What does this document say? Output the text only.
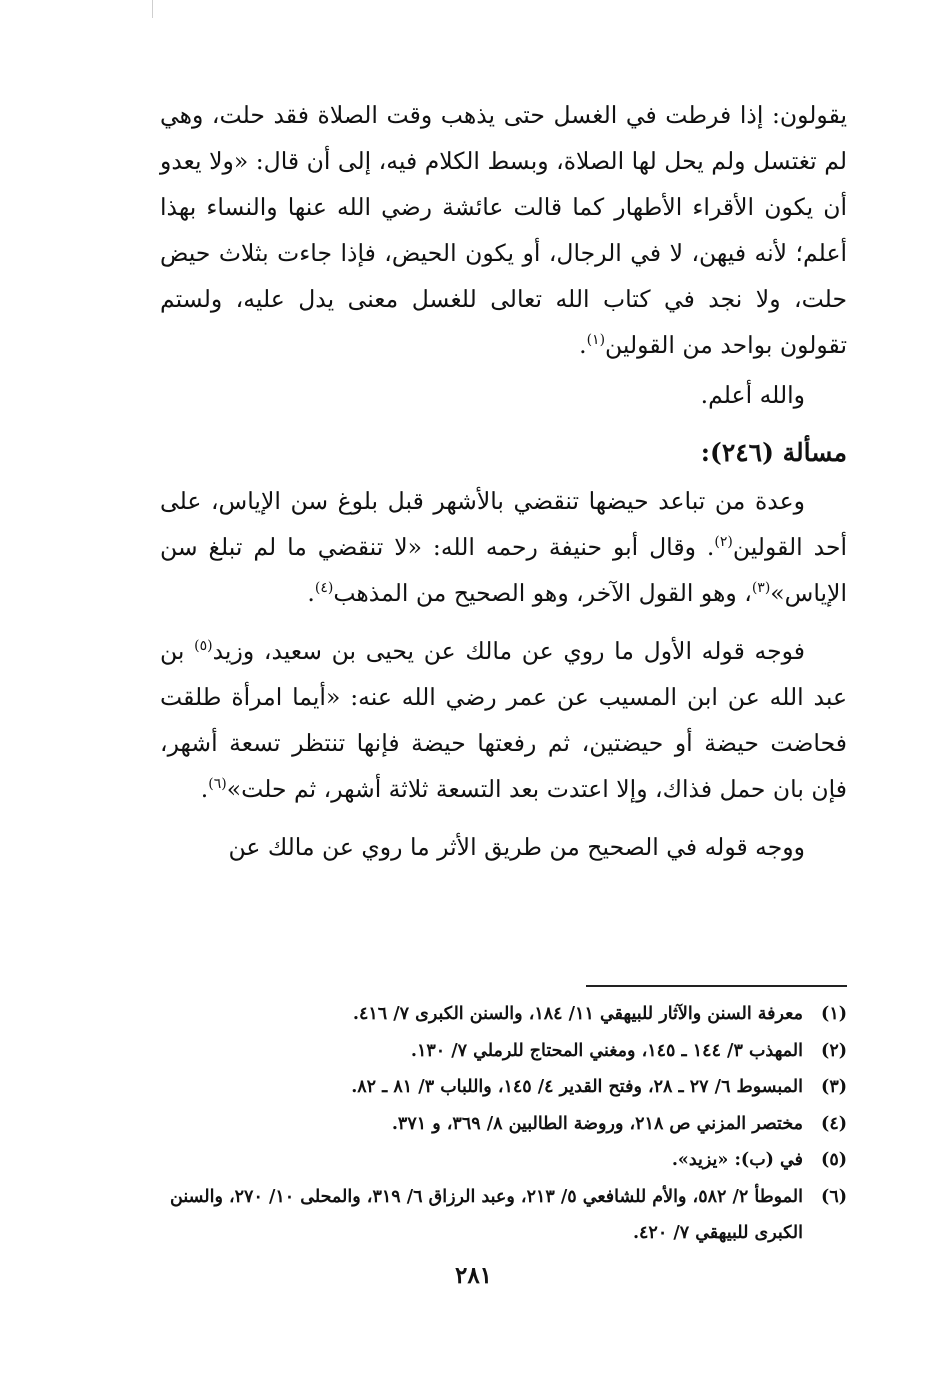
يقولون: إذا فرطت في الغسل حتى يذهب وقت الصلاة فقد حلت، وهي لم تغتسل ولم يحل لها الصلاة، وبسط الكلام فيه، إلى أن قال: «ولا يعدو أن يكون الأقراء الأطهار كما قالت عائشة رضي الله عنها والنساء بهذا أعلم؛ لأنه فيهن، لا في الرجال، أو يكون الحيض، فإذا جاءت بثلاث حيض حلت، ولا نجد في كتاب الله تعالى للغسل معنى يدل عليه، ولستم تقولون بواحد من القولين$^{(١)}$.

والله أعلم.

مسألة (٢٤٦):

وعدة من تباعد حيضها تنقضي بالأشهر قبل بلوغ سن الإياس، على أحد القولين$^{(٢)}$. وقال أبو حنيفة رحمه الله: «لا تنقضي ما لم تبلغ سن الإياس»$^{(٣)}$، وهو القول الآخر، وهو الصحيح من المذهب$^{(٤)}$.

فوجه قوله الأول ما روي عن مالك عن يحيى بن سعيد، وزيد$^{(٥)}$ بن عبد الله عن ابن المسيب عن عمر رضي الله عنه: «أيما امرأة طلقت فحاضت حيضة أو حيضتين، ثم رفعتها حيضة فإنها تنتظر تسعة أشهر، فإن بان حمل فذاك، وإلا اعتدت بعد التسعة ثلاثة أشهر، ثم حلت»$^{(٦)}$.

ووجه قوله في الصحيح من طريق الأثر ما روي عن مالك عن

(١)
معرفة السنن والآثار للبيهقي ١١/ ١٨٤، والسنن الكبرى ٧/ ٤١٦.
(٢)
المهذب ٣/ ١٤٤ ـ ١٤٥، ومغني المحتاج للرملي ٧/ ١٣٠.
(٣)
المبسوط ٦/ ٢٧ ـ ٢٨، وفتح القدير ٤/ ١٤٥، واللباب ٣/ ٨١ ـ ٨٢.
(٤)
مختصر المزني ص ٢١٨، وروضة الطالبين ٨/ ٣٦٩، و ٣٧١.
(٥)
في (ب): «يزيد».
(٦)
الموطأ ٢/ ٥٨٢، والأم للشافعي ٥/ ٢١٣، وعبد الرزاق ٦/ ٣١٩، والمحلى ١٠/ ٢٧٠، والسنن الكبرى للبيهقي ٧/ ٤٢٠.
٢٨١
